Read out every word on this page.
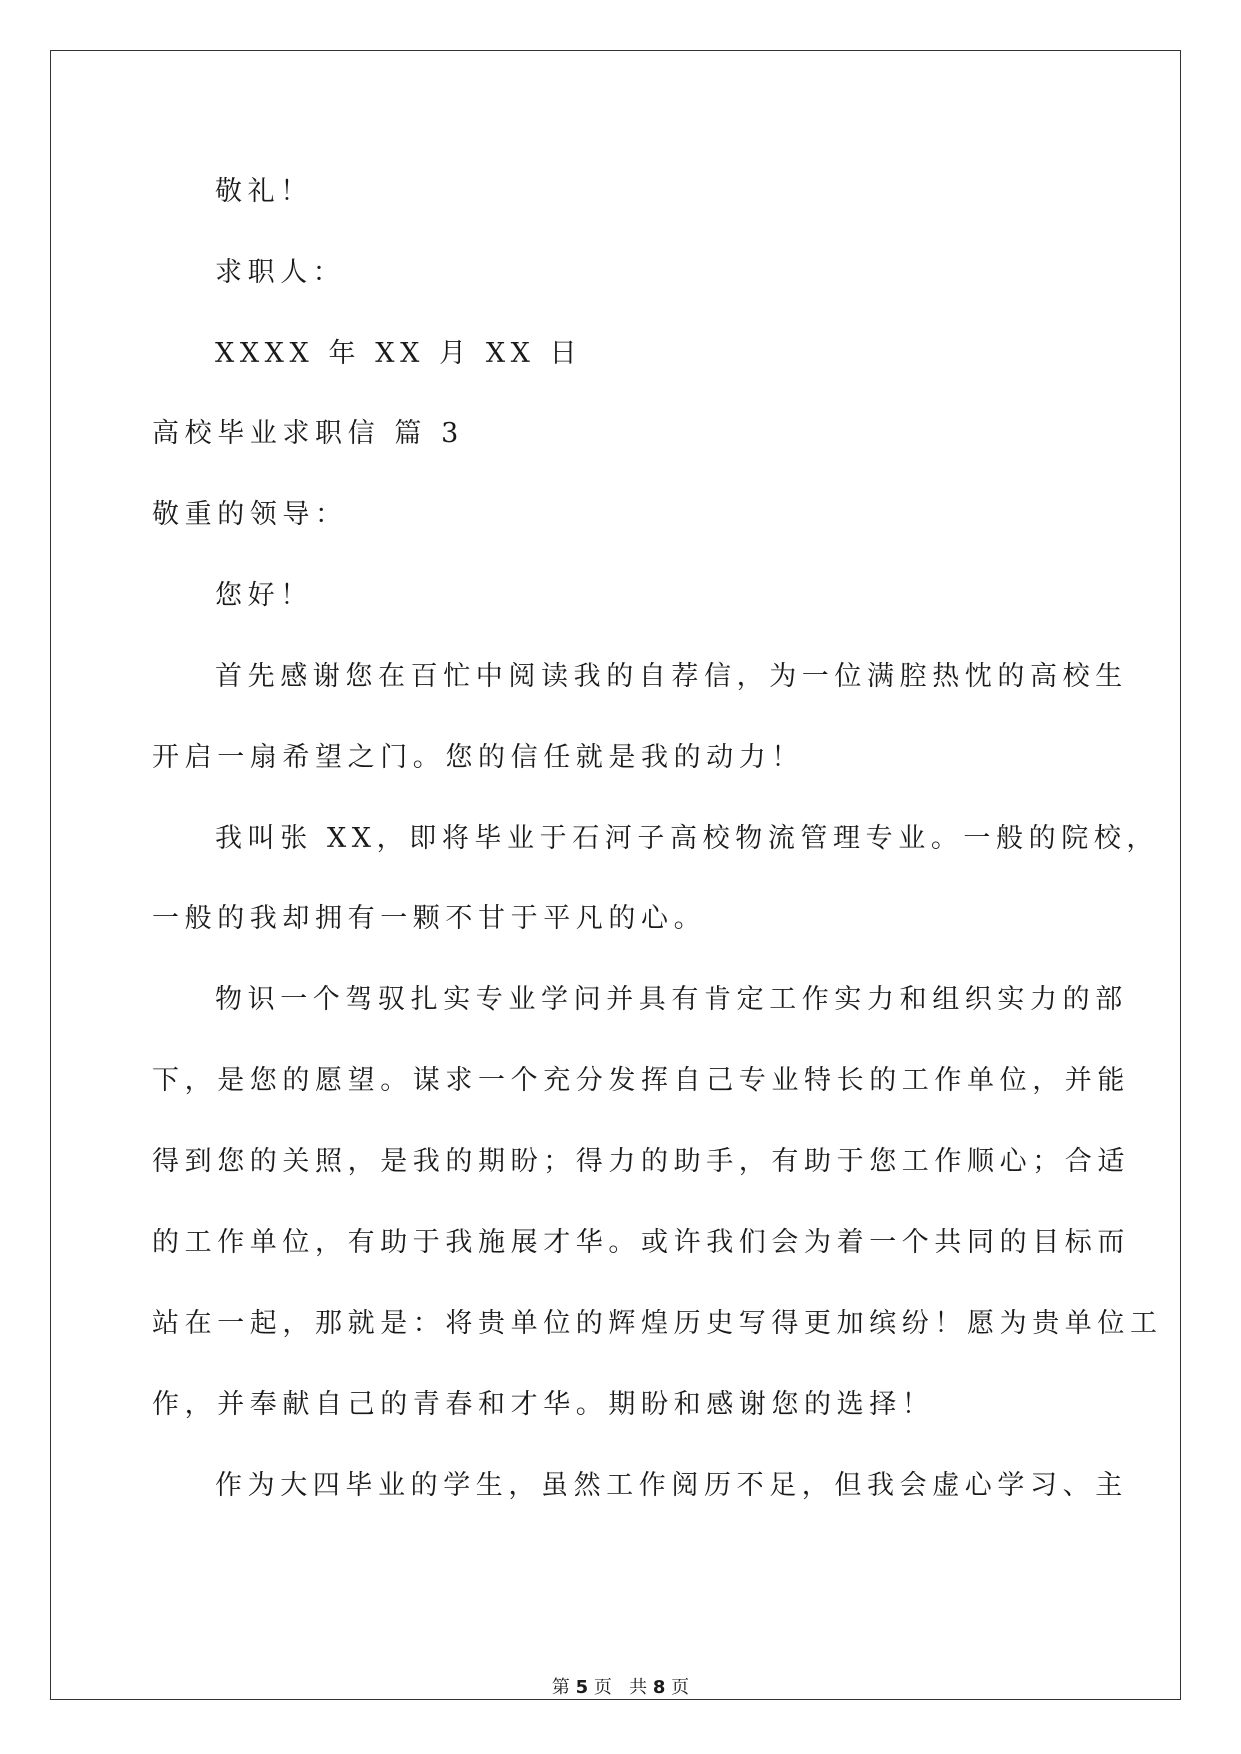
敬礼！
求职人：
XXXX 年 XX 月 XX 日
高校毕业求职信 篇 3
敬重的领导：
您好！
首先感谢您在百忙中阅读我的自荐信，为一位满腔热忱的高校生
开启一扇希望之门。您的信任就是我的动力！
我叫张 XX，即将毕业于石河子高校物流管理专业。一般的院校，
一般的我却拥有一颗不甘于平凡的心。
物识一个驾驭扎实专业学问并具有肯定工作实力和组织实力的部
下，是您的愿望。谋求一个充分发挥自己专业特长的工作单位，并能
得到您的关照，是我的期盼；得力的助手，有助于您工作顺心；合适
的工作单位，有助于我施展才华。或许我们会为着一个共同的目标而
站在一起，那就是：将贵单位的辉煌历史写得更加缤纷！愿为贵单位工
作，并奉献自己的青春和才华。期盼和感谢您的选择！
作为大四毕业的学生，虽然工作阅历不足，但我会虚心学习、主
第 5 页   共 8 页
